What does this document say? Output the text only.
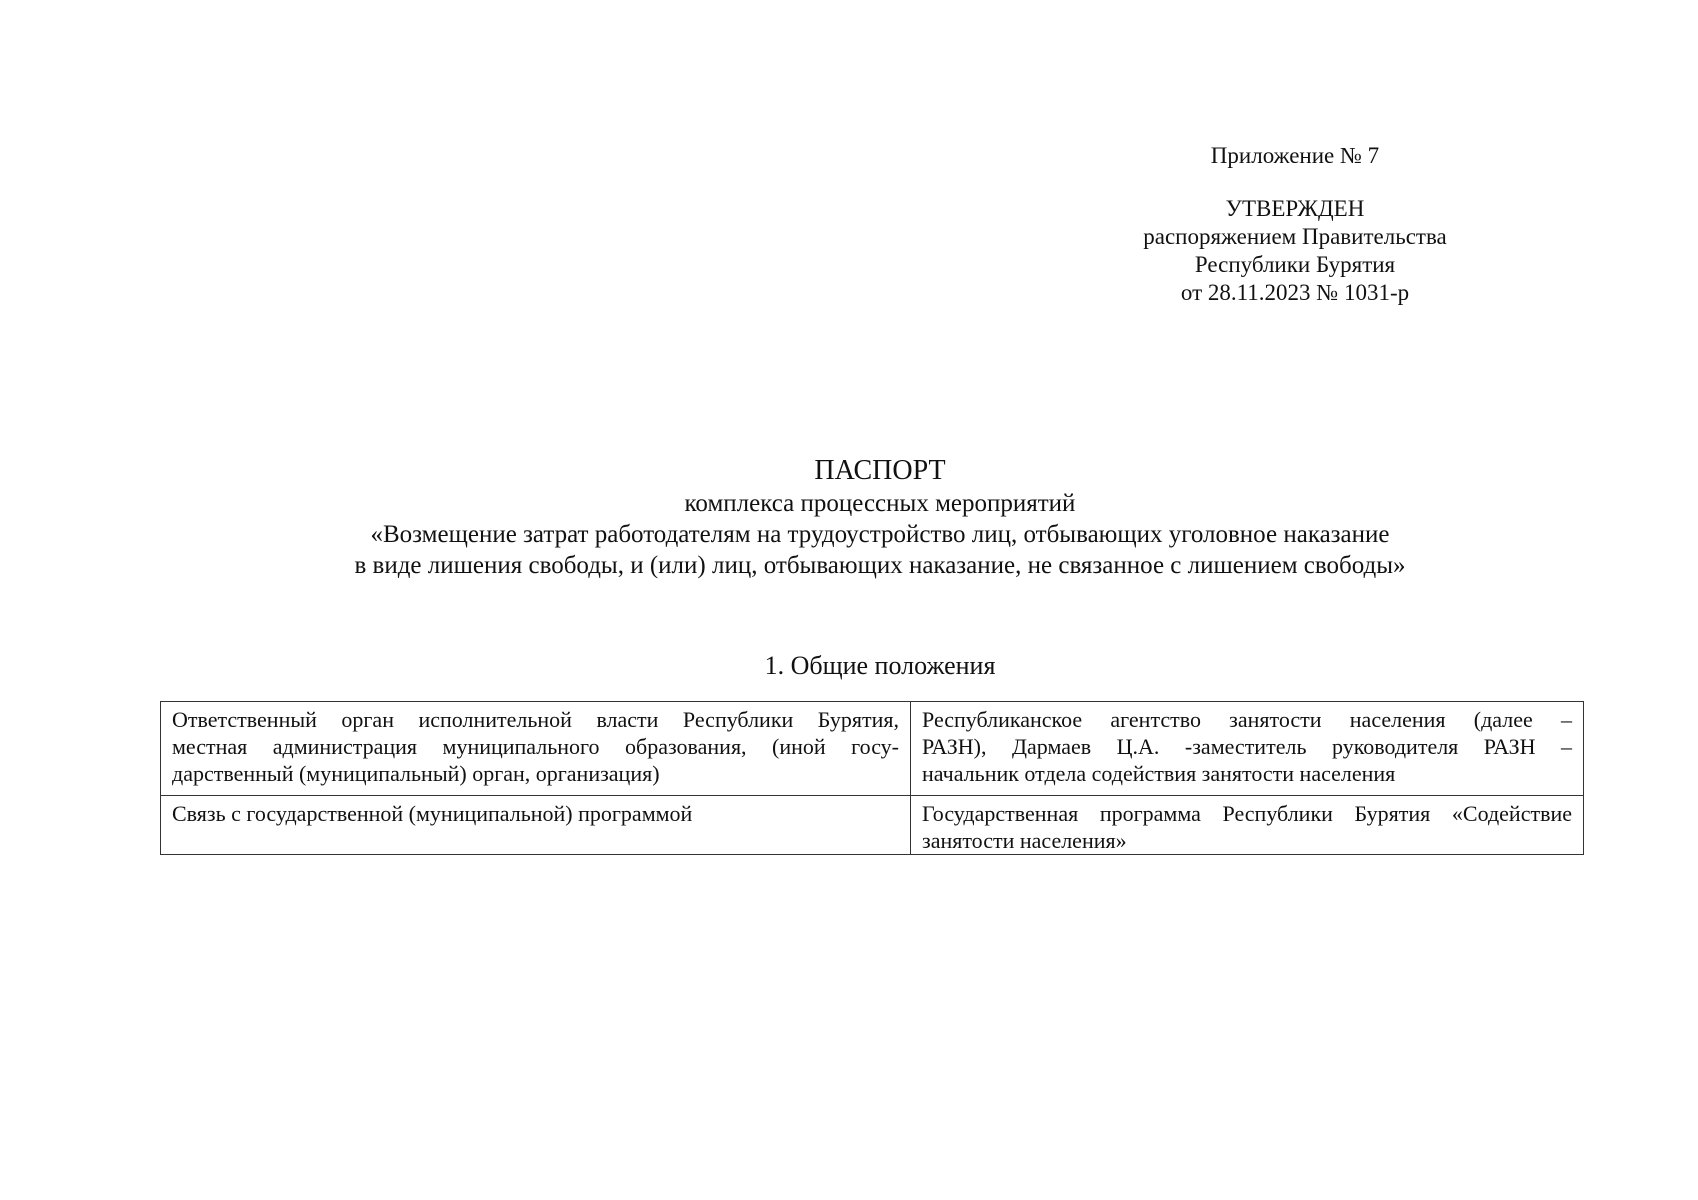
Приложение № 7
УТВЕРЖДЕН
распоряжением Правительства
Республики Бурятия
от 28.11.2023 № 1031-р
ПАСПОРТ
комплекса процессных мероприятий
«Возмещение затрат работодателям на трудоустройство лиц, отбывающих уголовное наказание
в виде лишения свободы, и (или) лиц, отбывающих наказание, не связанное с лишением свободы»
1. Общие положения
Ответственный орган исполнительной власти Республики Бурятия,
местная администрация муниципального образования, (иной госу-
дарственный (муниципальный) орган, организация)	Республиканское агентство занятости населения (далее –
РАЗН), Дармаев Ц.А. -заместитель руководителя РАЗН –
начальник отдела содействия занятости населения

Связь с государственной (муниципальной) программой	Государственная программа Республики Бурятия «Содействие
занятости населения»
